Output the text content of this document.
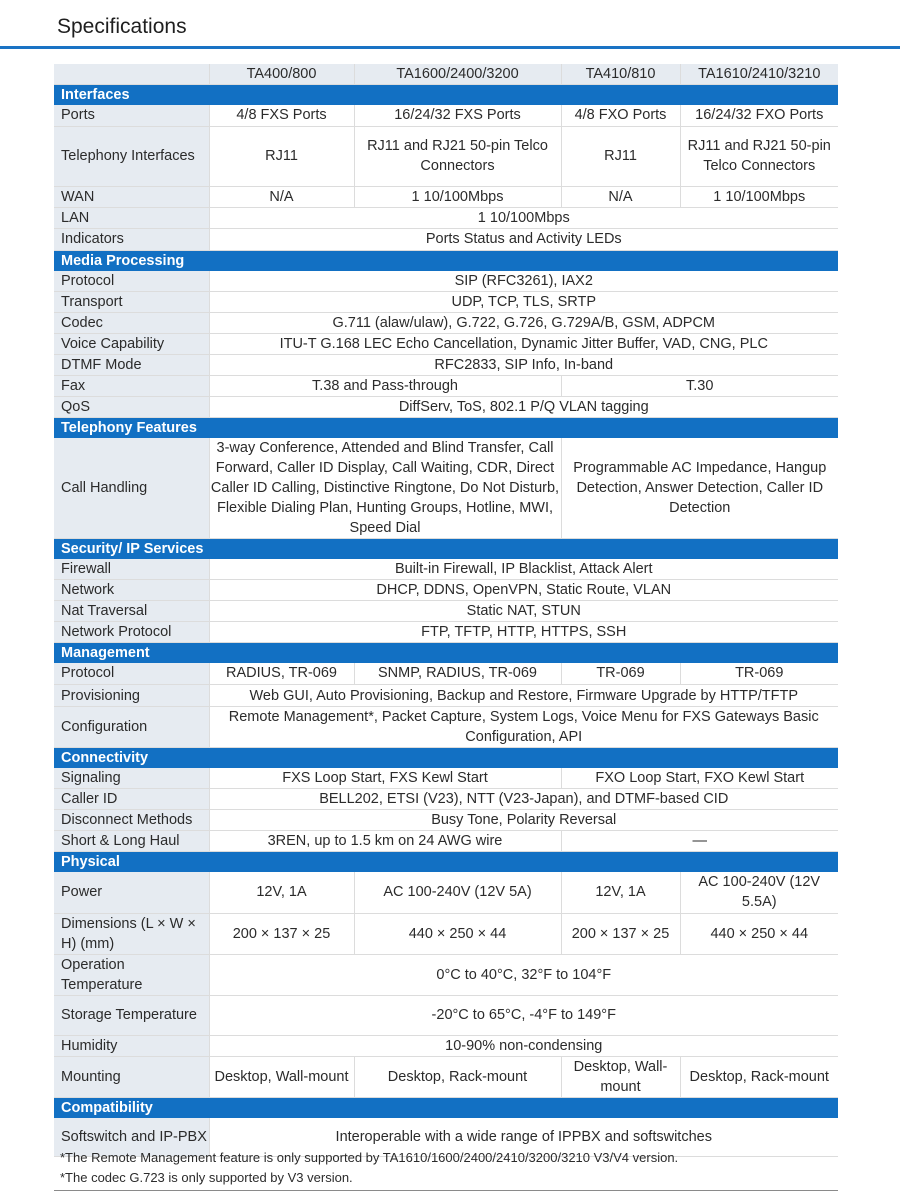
Specifications
	TA400/800	TA1600/2400/3200	TA410/810	TA1610/2410/3210
Interfaces				
Ports	4/8 FXS Ports	16/24/32 FXS Ports	4/8 FXO Ports	16/24/32 FXO Ports
Telephony Interfaces	RJ11	RJ11 and RJ21 50-pin Telco Connectors	RJ11	RJ11 and RJ21 50-pin Telco Connectors
WAN	N/A	1 10/100Mbps	N/A	1 10/100Mbps
LAN	1 10/100Mbps			
Indicators	Ports Status and Activity LEDs			
Media Processing				
Protocol	SIP (RFC3261), IAX2			
Transport	UDP, TCP, TLS, SRTP			
Codec	G.711 (alaw/ulaw), G.722, G.726, G.729A/B, GSM, ADPCM			
Voice Capability	ITU-T G.168 LEC Echo Cancellation, Dynamic Jitter Buffer, VAD, CNG, PLC			
DTMF Mode	RFC2833, SIP Info, In-band			
Fax	T.38 and Pass-through		T.30	
QoS	DiffServ, ToS, 802.1 P/Q VLAN tagging			
Telephony Features				
Call Handling	3-way Conference, Attended and Blind Transfer, Call Forward, Caller ID Display, Call Waiting, CDR, Direct Caller ID Calling, Distinctive Ringtone, Do Not Disturb, Flexible Dialing Plan, Hunting Groups, Hotline, MWI, Speed Dial		Programmable AC Impedance, Hangup Detection, Answer Detection, Caller ID Detection	
Security/ IP Services				
Firewall	Built-in Firewall, IP Blacklist, Attack Alert			
Network	DHCP, DDNS, OpenVPN, Static Route, VLAN			
Nat Traversal	Static NAT, STUN			
Network Protocol	FTP, TFTP, HTTP, HTTPS, SSH			
Management				
Protocol	RADIUS, TR-069	SNMP, RADIUS, TR-069	TR-069	TR-069
Provisioning	Web GUI, Auto Provisioning, Backup and Restore, Firmware Upgrade by HTTP/TFTP			
Configuration	Remote Management*, Packet Capture, System Logs, Voice Menu for FXS Gateways Basic Configuration, API			
Connectivity				
Signaling	FXS Loop Start, FXS Kewl Start		FXO Loop Start, FXO Kewl Start	
Caller ID	BELL202, ETSI (V23), NTT (V23-Japan), and DTMF-based CID			
Disconnect Methods	Busy Tone, Polarity Reversal			
Short & Long Haul	3REN, up to 1.5 km on 24 AWG wire		—	
Physical				
Power	12V, 1A	AC 100-240V (12V 5A)	12V, 1A	AC 100-240V (12V 5.5A)
Dimensions (L × W × H) (mm)	200 × 137 × 25	440 × 250 × 44	200 × 137 × 25	440 × 250 × 44
Operation Temperature	0°C to 40°C, 32°F to 104°F			
Storage Temperature	-20°C to 65°C, -4°F to 149°F			
Humidity	10-90% non-condensing			
Mounting	Desktop, Wall-mount	Desktop, Rack-mount	Desktop, Wall-mount	Desktop, Rack-mount
Compatibility				
Softswitch and IP-PBX	Interoperable with a wide range of IPPBX and softswitches			
*The Remote Management feature is only supported by TA1610/1600/2400/2410/3200/3210 V3/V4 version.
*The codec G.723 is only supported by V3 version.
